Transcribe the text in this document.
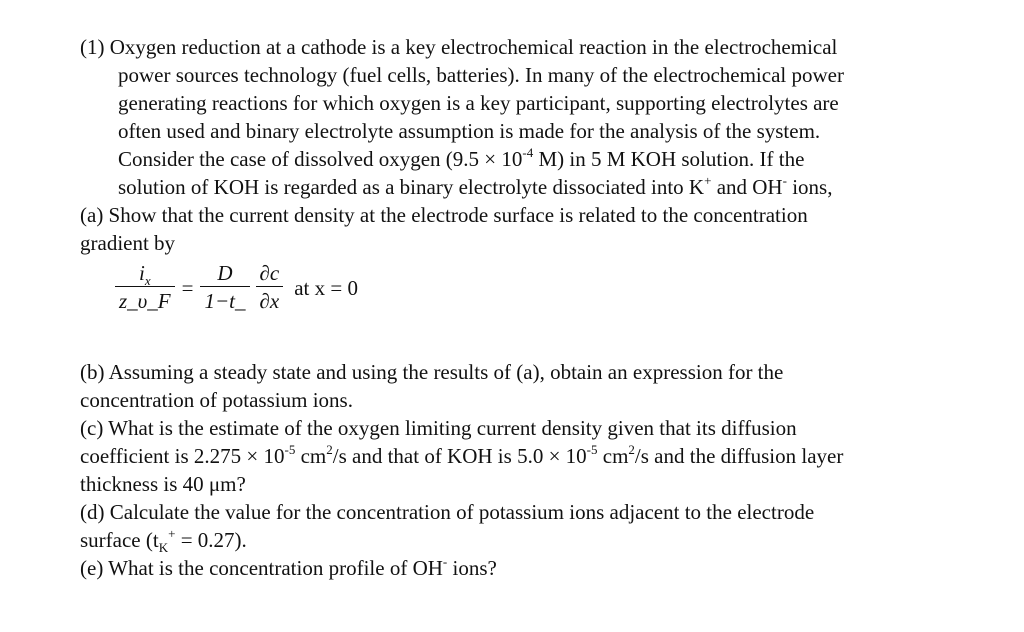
(1) Oxygen reduction at a cathode is a key electrochemical reaction in the electrochemical
power sources technology (fuel cells, batteries). In many of the electrochemical power
generating reactions for which oxygen is a key participant, supporting electrolytes are
often used and binary electrolyte assumption is made for the analysis of the system.
Consider the case of dissolved oxygen ($9.5 \times 10^{-4}$ M) in 5 M KOH solution. If the
solution of KOH is regarded as a binary electrolyte dissociated into K+ and OH- ions,
(a) Show that the current density at the electrode surface is related to the concentration
gradient by
$\frac{i_x}{z\_\upsilon\_F} = \frac{D}{1-t\_} \frac{\partial c}{\partial x}$ at x = 0
(b) Assuming a steady state and using the results of (a), obtain an expression for the
concentration of potassium ions.
(c) What is the estimate of the oxygen limiting current density given that its diffusion
coefficient is $2.275 \times 10^{-5}$ $cm^2/s$ and that of KOH is $5.0 \times 10^{-5}$ $cm^2/s$ and the diffusion layer
thickness is 40 μm?
(d) Calculate the value for the concentration of potassium ions adjacent to the electrode
surface $(t_K^+ = 0.27)$.
(e) What is the concentration profile of OH- ions?
